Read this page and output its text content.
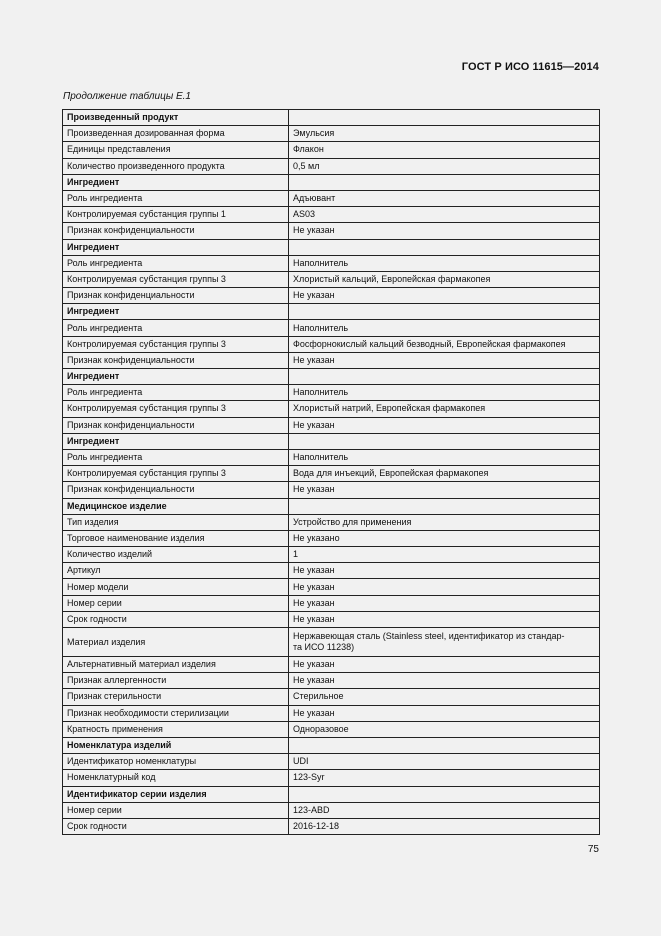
ГОСТ Р ИСО 11615—2014
Продолжение таблицы Е.1
Произведенный продукт	
Произведенная дозированная форма	Эмульсия
Единицы представления	Флакон
Количество произведенного продукта	0,5 мл
Ингредиент	
Роль ингредиента	Адъювант
Контролируемая субстанция группы 1	AS03
Признак конфиденциальности	Не указан
Ингредиент	
Роль ингредиента	Наполнитель
Контролируемая субстанция группы 3	Хлористый кальций, Европейская фармакопея
Признак конфиденциальности	Не указан
Ингредиент	
Роль ингредиента	Наполнитель
Контролируемая субстанция группы 3	Фосфорнокислый кальций безводный, Европейская фармакопея
Признак конфиденциальности	Не указан
Ингредиент	
Роль ингредиента	Наполнитель
Контролируемая субстанция группы 3	Хлористый натрий, Европейская фармакопея
Признак конфиденциальности	Не указан
Ингредиент	
Роль ингредиента	Наполнитель
Контролируемая субстанция группы 3	Вода для инъекций, Европейская фармакопея
Признак конфиденциальности	Не указан
Медицинское изделие	
Тип изделия	Устройство для применения
Торговое наименование изделия	Не указано
Количество изделий	1
Артикул	Не указан
Номер модели	Не указан
Номер серии	Не указан
Срок годности	Не указан
Материал изделия	Нержавеющая сталь (Stainless steel, идентификатор из стандар-
та ИСО 11238)
Альтернативный материал изделия	Не указан
Признак аллергенности	Не указан
Признак стерильности	Стерильное
Признак необходимости стерилизации	Не указан
Кратность применения	Одноразовое
Номенклатура изделий	
Идентификатор номенклатуры	UDI
Номенклатурный код	123-Syr
Идентификатор серии изделия	
Номер серии	123-ABD
Срок годности	2016-12-18
75
